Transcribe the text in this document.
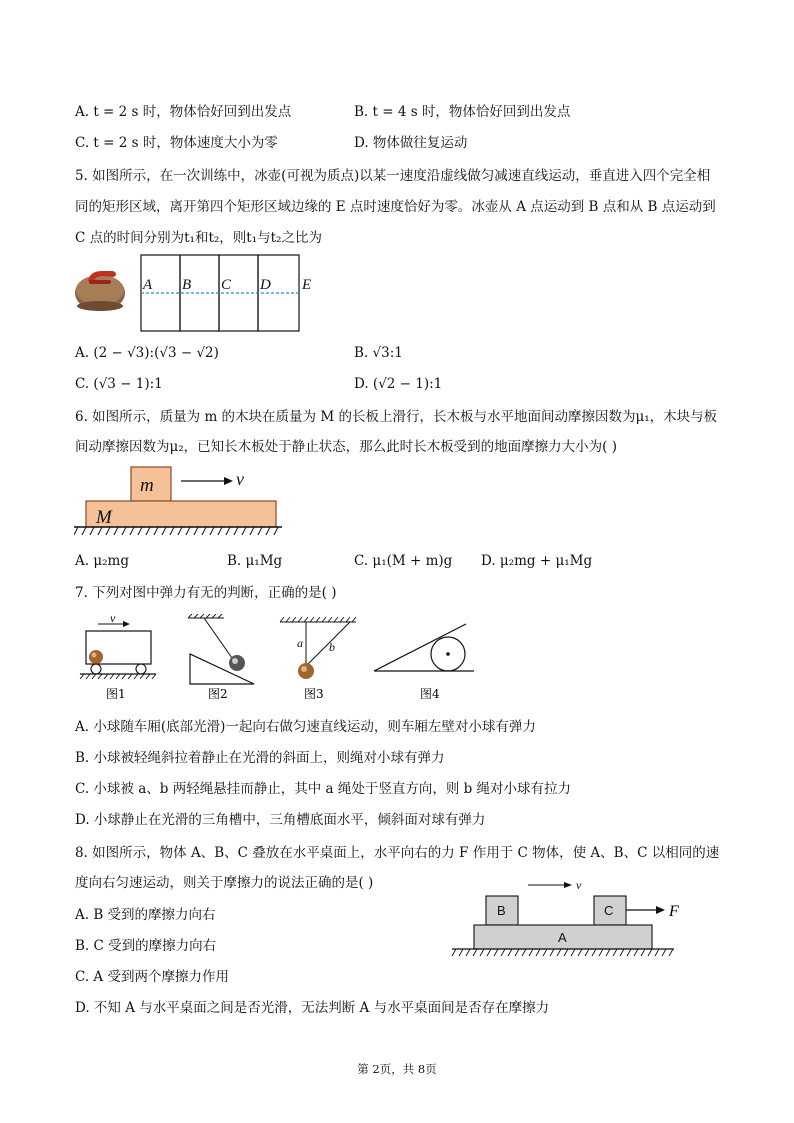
A. t = 2 s 时，物体恰好回到出发点	B. t = 4 s 时，物体恰好回到出发点
C. t = 2 s 时，物体速度大小为零	D. 物体做往复运动
5. 如图所示，在一次训练中，冰壶(可视为质点)以某一速度沿虚线做匀减速直线运动，垂直进入四个完全相
同的矩形区域，离开第四个矩形区域边缘的 E 点时速度恰好为零。冰壶从 A 点运动到 B 点和从 B 点运动到
C 点的时间分别为t₁和t₂，则t₁与t₂之比为
A B C D E
A. (2 − √3):(√3 − √2)	B. √3:1
C. (√3 − 1):1	D. (√2 − 1):1
6. 如图所示，质量为 m 的木块在质量为 M 的长板上滑行，长木板与水平地面间动摩擦因数为μ₁，木块与板
间动摩擦因数为μ₂，已知长木板处于静止状态，那么此时长木板受到的地面摩擦力大小为( )
m
M
v
A. μ₂mg	B. μ₁Mg	C. μ₁(M + m)g D. μ₂mg + μ₁Mg
7. 下列对图中弹力有无的判断，正确的是( )
v
图1	图2
a b
图3	图4
A. 小球随车厢(底部光滑)一起向右做匀速直线运动，则车厢左壁对小球有弹力
B. 小球被轻绳斜拉着静止在光滑的斜面上，则绳对小球有弹力
C. 小球被 a、b 两轻绳悬挂而静止，其中 a 绳处于竖直方向，则 b 绳对小球有拉力
D. 小球静止在光滑的三角槽中，三角槽底面水平，倾斜面对球有弹力
8. 如图所示，物体 A、B、C 叠放在水平桌面上，水平向右的力 F 作用于 C 物体，使 A、B、C 以相同的速
度向右匀速运动，则关于摩擦力的说法正确的是( )	v
F
B	C
A
A. B 受到的摩擦力向右
B. C 受到的摩擦力向右
C. A 受到两个摩擦力作用
D. 不知 A 与水平桌面之间是否光滑，无法判断 A 与水平桌面间是否存在摩擦力
第 2页，共 8页
